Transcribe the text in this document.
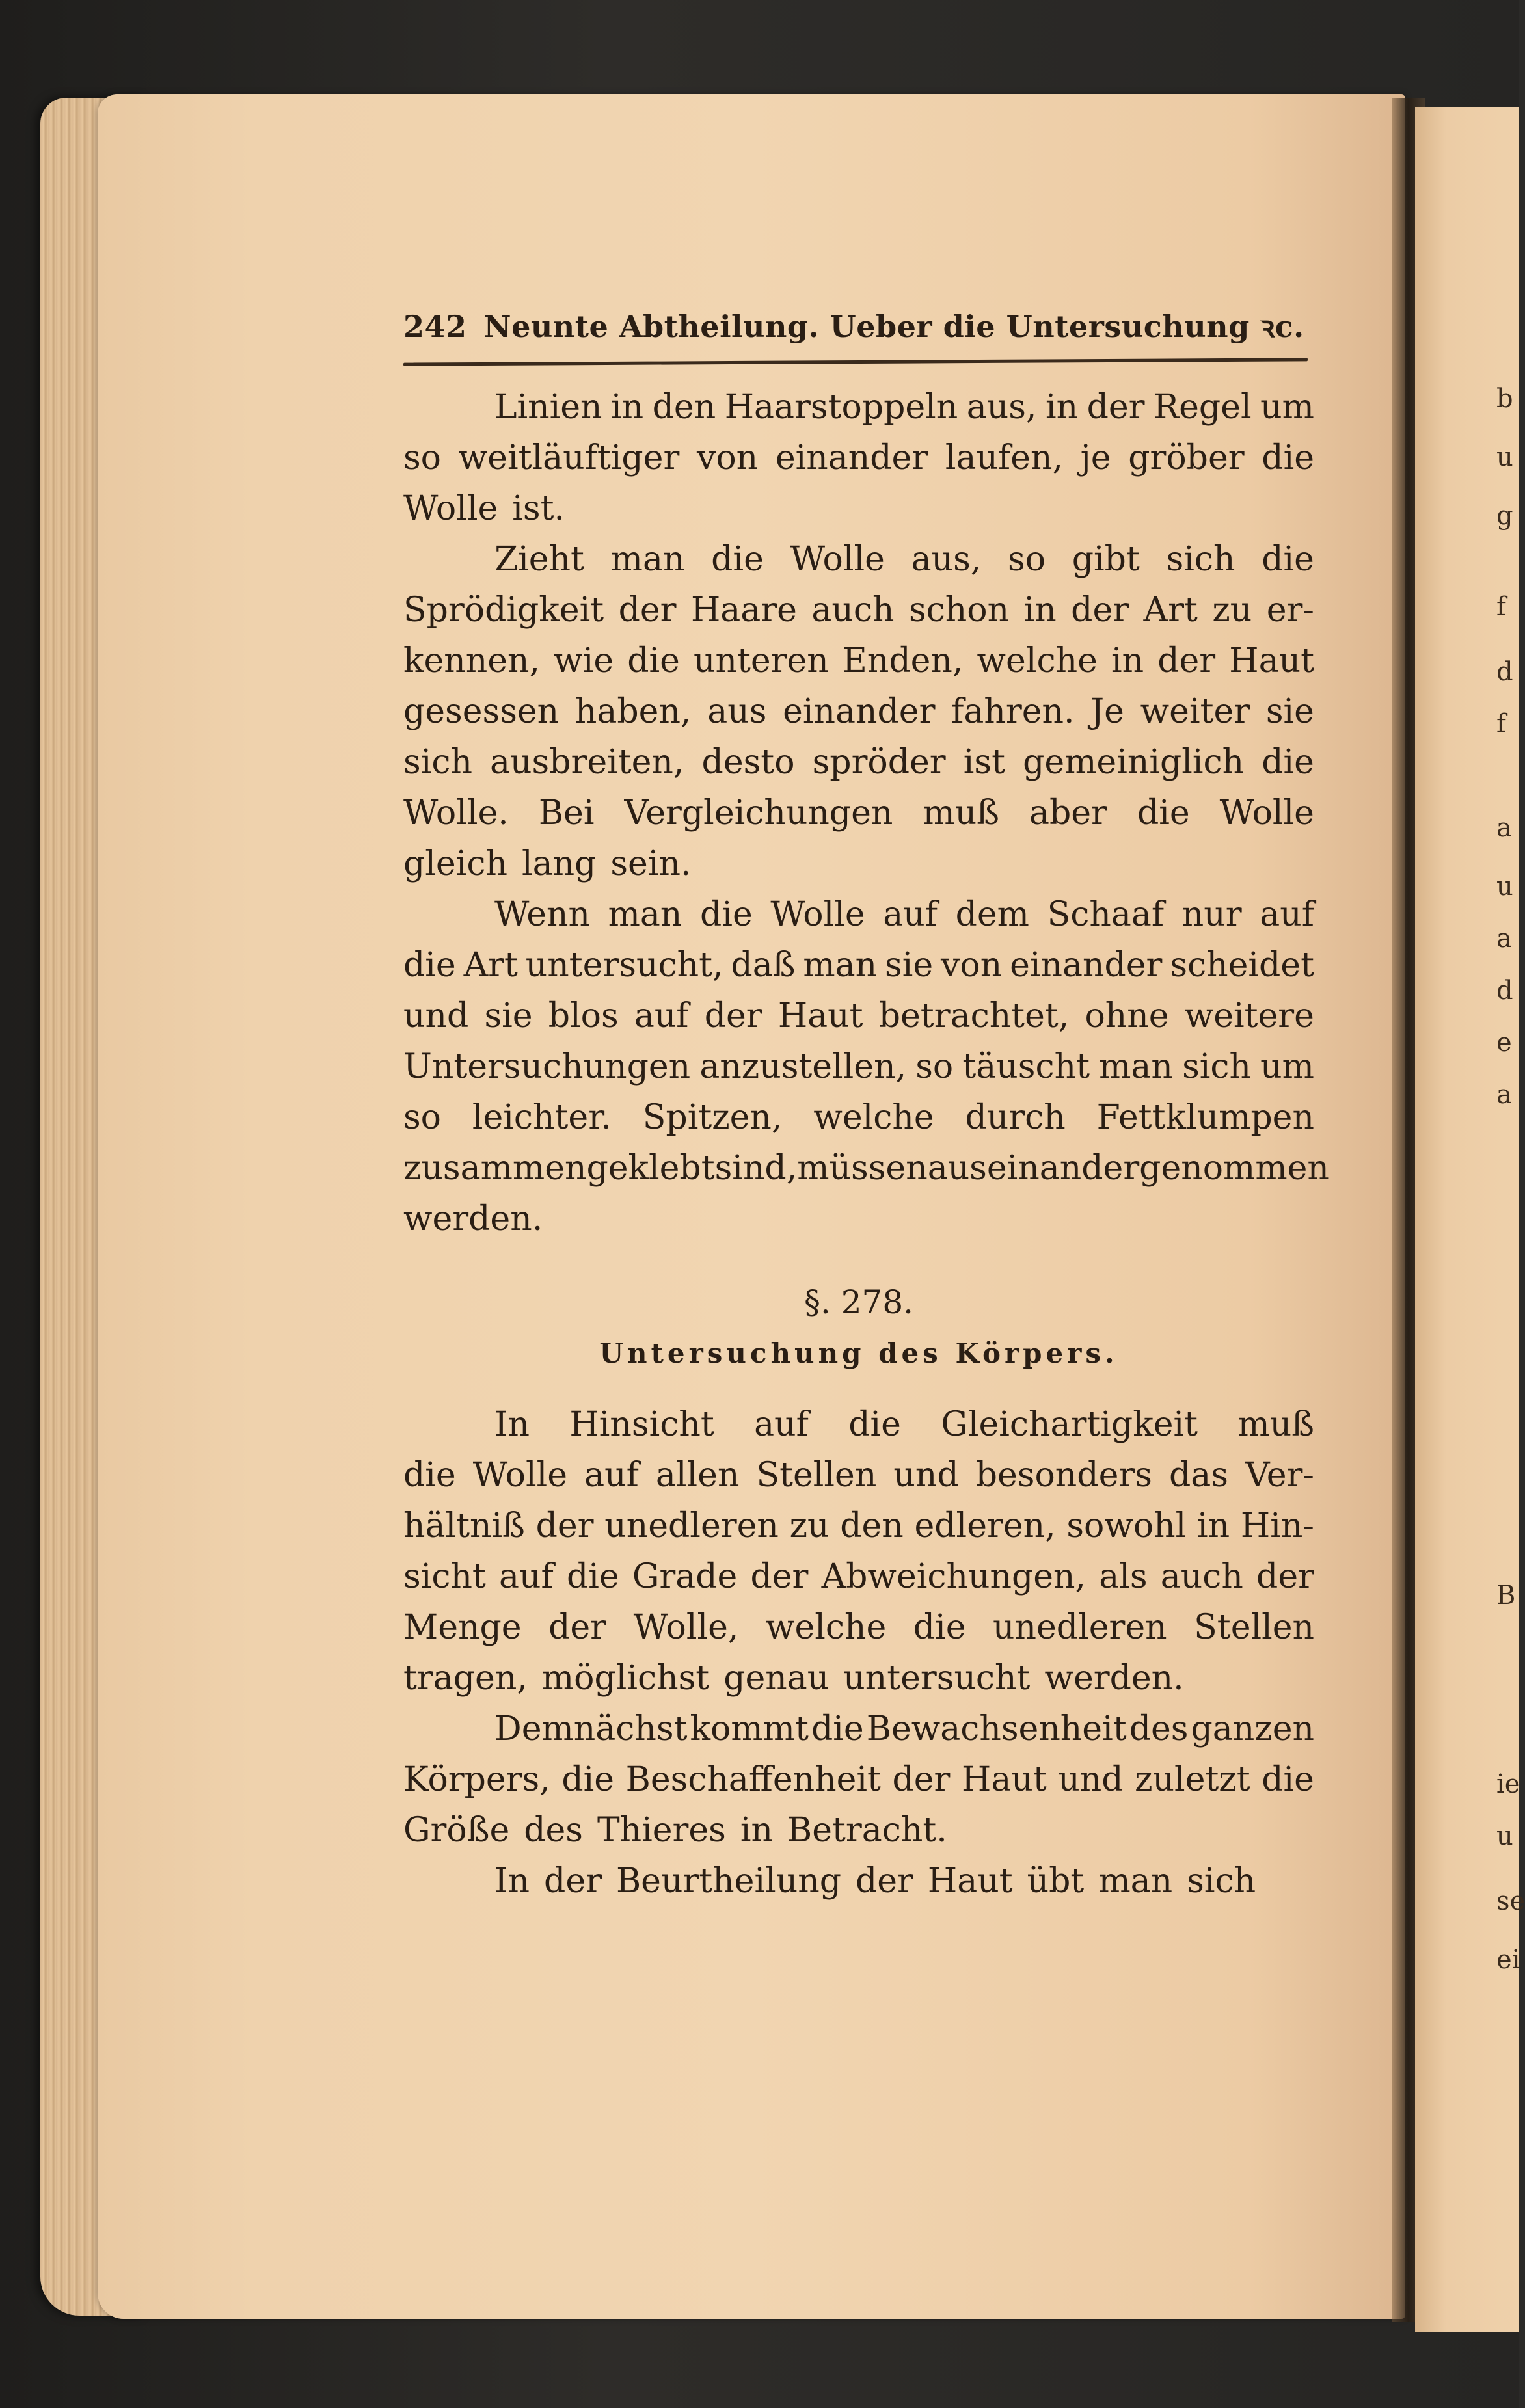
b
u
g
f
d
f
a
u
a
d
e
a
B
ie
u
se
ei
242 Neunte Abtheilung. Ueber die Untersuchung ꝛc.
Linien in den Haarstoppeln aus, in der Regel um
so weitläuftiger von einander laufen, je gröber die
Wolle ist.
Zieht man die Wolle aus, so gibt sich die
Sprödigkeit der Haare auch schon in der Art zu er-
kennen, wie die unteren Enden, welche in der Haut
gesessen haben, aus einander fahren. Je weiter sie
sich ausbreiten, desto spröder ist gemeiniglich die
Wolle. Bei Vergleichungen muß aber die Wolle
gleich lang sein.
Wenn man die Wolle auf dem Schaaf nur auf
die Art untersucht, daß man sie von einander scheidet
und sie blos auf der Haut betrachtet, ohne weitere
Untersuchungen anzustellen, so täuscht man sich um
so leichter. Spitzen, welche durch Fettklumpen
zusammengeklebt sind, müssen auseinander genommen
werden.
§. 278.
Untersuchung des Körpers.
In Hinsicht auf die Gleichartigkeit muß
die Wolle auf allen Stellen und besonders das Ver-
hältniß der unedleren zu den edleren, sowohl in Hin-
sicht auf die Grade der Abweichungen, als auch der
Menge der Wolle, welche die unedleren Stellen
tragen, möglichst genau untersucht werden.
Demnächst kommt die Bewachsenheit des ganzen
Körpers, die Beschaffenheit der Haut und zuletzt die
Größe des Thieres in Betracht.
In der Beurtheilung der Haut übt man sich
